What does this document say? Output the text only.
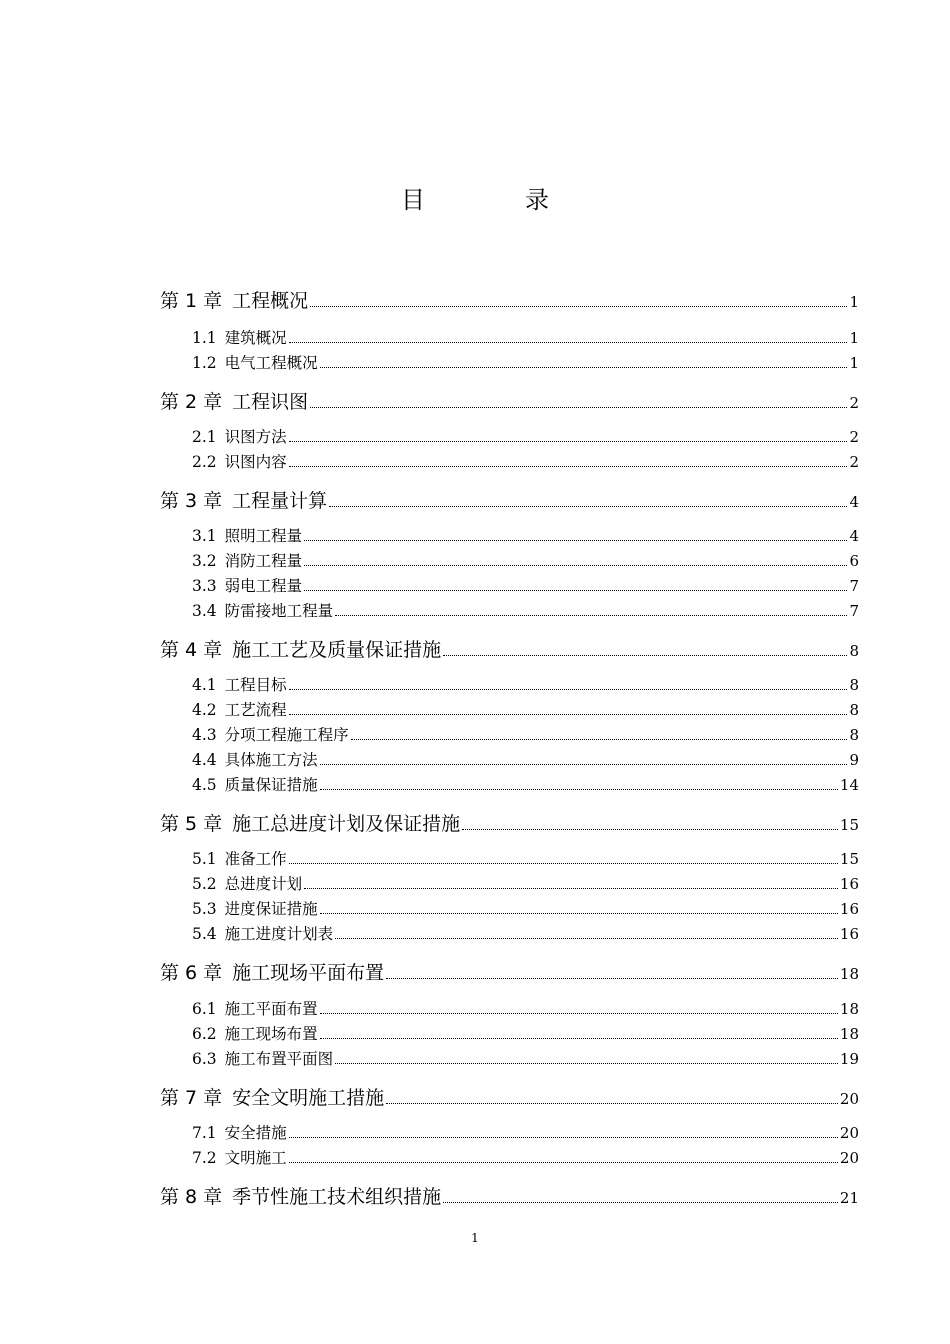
目	录
第 1 章 工程概况	1
1.1 建筑概况	1
1.2 电气工程概况	1
第 2 章 工程识图	2
2.1 识图方法	2
2.2 识图内容	2
第 3 章 工程量计算	4
3.1 照明工程量	4
3.2 消防工程量	6
3.3 弱电工程量	7
3.4 防雷接地工程量	7
第 4 章 施工工艺及质量保证措施	8
4.1 工程目标	8
4.2 工艺流程	8
4.3 分项工程施工程序	8
4.4 具体施工方法	9
4.5 质量保证措施	14
第 5 章 施工总进度计划及保证措施	15
5.1 准备工作	15
5.2 总进度计划	16
5.3 进度保证措施	16
5.4 施工进度计划表	16
第 6 章 施工现场平面布置	18
6.1 施工平面布置	18
6.2 施工现场布置	18
6.3 施工布置平面图	19
第 7 章 安全文明施工措施	20
7.1 安全措施	20
7.2 文明施工	20
第 8 章 季节性施工技术组织措施	21
1
